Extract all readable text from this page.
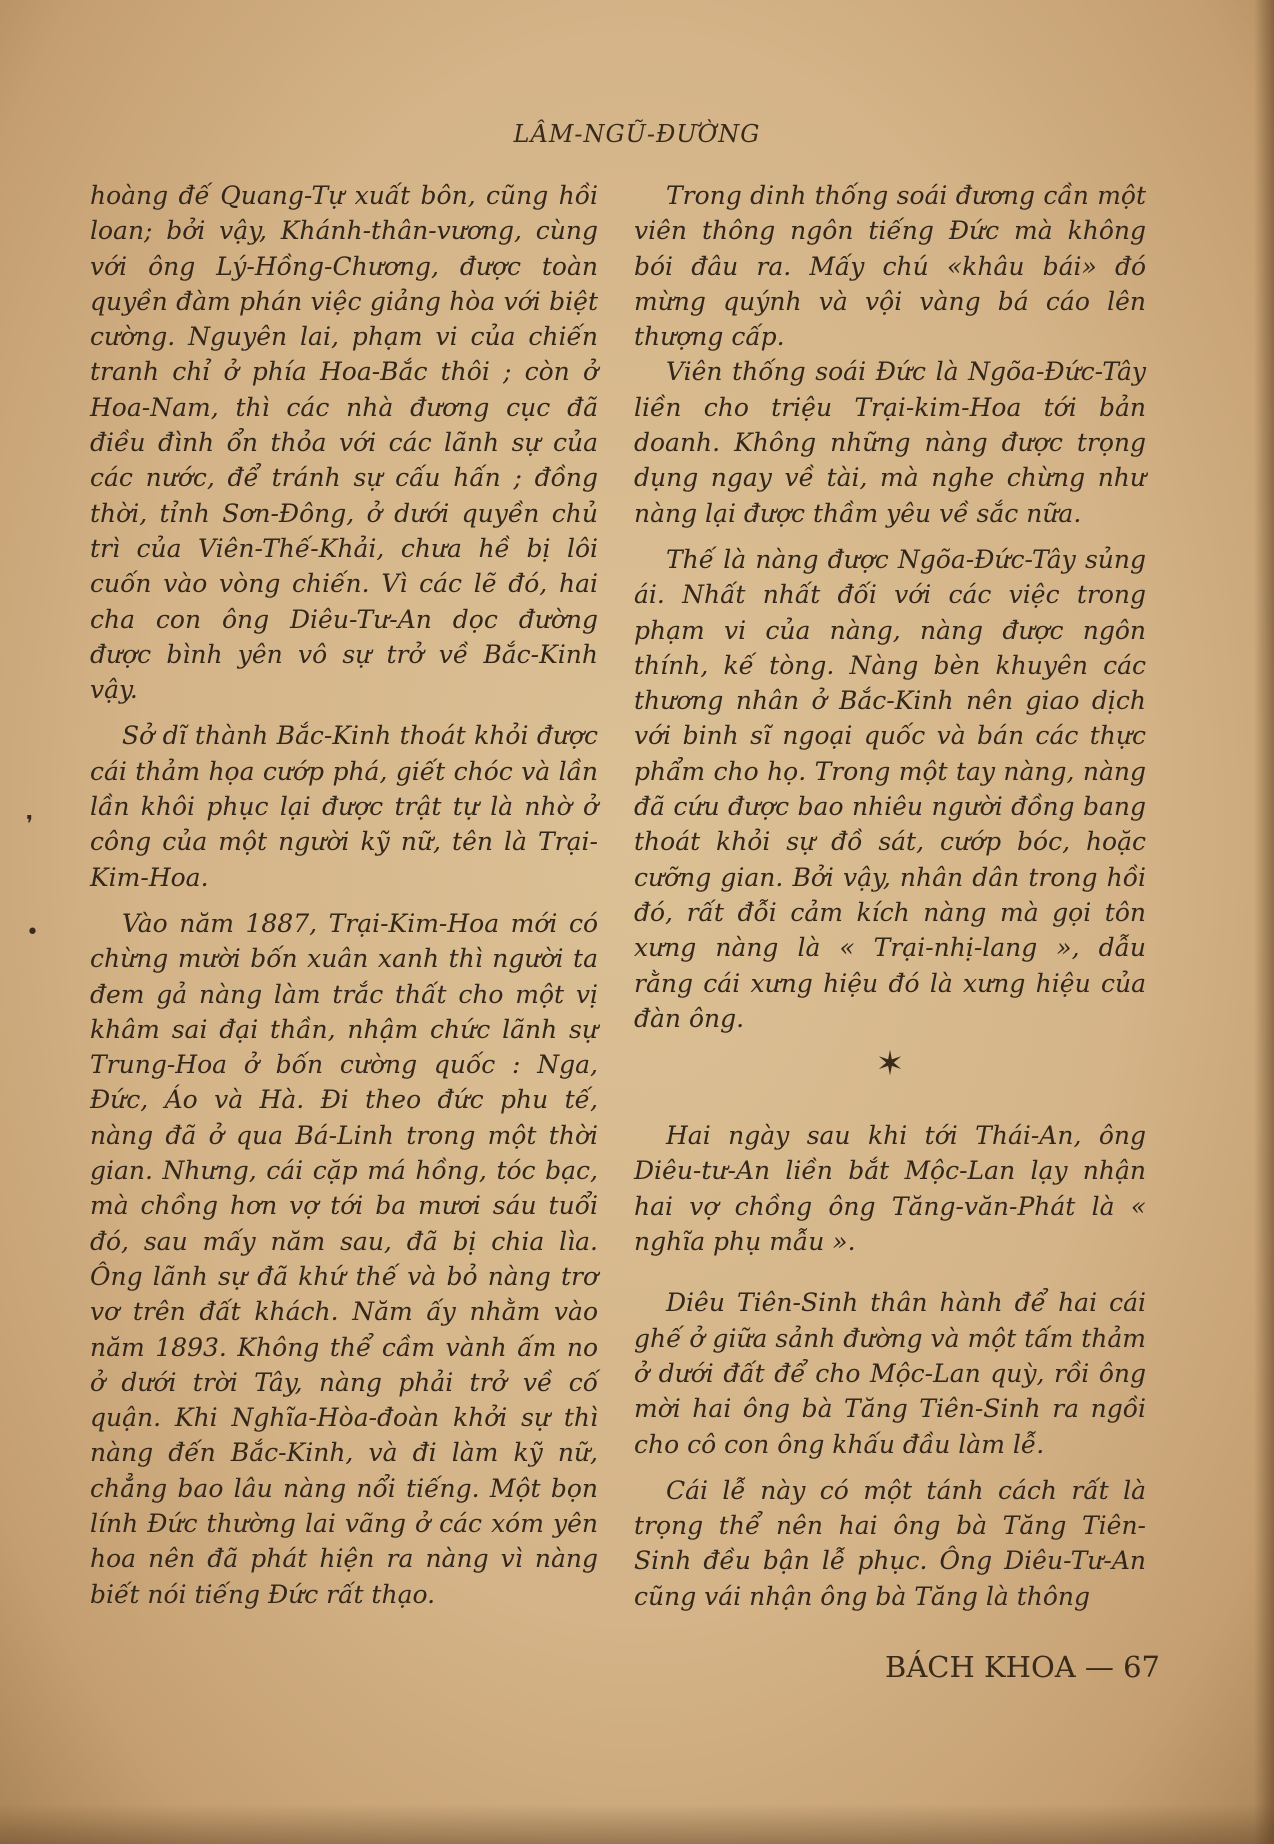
❜
•
LÂM-NGŨ-ĐƯỜNG

hoàng đế Quang-Tự xuất bôn, cũng hồi loan; bởi vậy, Khánh-thân-vương, cùng với ông Lý-Hồng-Chương, được toàn quyền đàm phán việc giảng hòa với biệt cường. Nguyên lai, phạm vi của chiến tranh chỉ ở phía Hoa-Bắc thôi ; còn ở Hoa-Nam, thì các nhà đương cục đã điều đình ổn thỏa với các lãnh sự của các nước, để tránh sự cấu hấn ; đồng thời, tỉnh Sơn-Đông, ở dưới quyền chủ trì của Viên-Thế-Khải, chưa hề bị lôi cuốn vào vòng chiến. Vì các lẽ đó, hai cha con ông Diêu-Tư-An dọc đường được bình yên vô sự trở về Bắc-Kinh vậy.

Sở dĩ thành Bắc-Kinh thoát khỏi được cái thảm họa cướp phá, giết chóc và lần lần khôi phục lại được trật tự là nhờ ở công của một người kỹ nữ, tên là Trại-Kim-Hoa.

Vào năm 1887, Trại-Kim-Hoa mới có chừng mười bốn xuân xanh thì người ta đem gả nàng làm trắc thất cho một vị khâm sai đại thần, nhậm chức lãnh sự Trung-Hoa ở bốn cường quốc : Nga, Đức, Áo và Hà. Đi theo đức phu tế, nàng đã ở qua Bá-Linh trong một thời gian. Nhưng, cái cặp má hồng, tóc bạc, mà chồng hơn vợ tới ba mươi sáu tuổi đó, sau mấy năm sau, đã bị chia lìa. Ông lãnh sự đã khứ thế và bỏ nàng trơ vơ trên đất khách. Năm ấy nhằm vào năm 1893. Không thể cầm vành ấm no ở dưới trời Tây, nàng phải trở về cố quận. Khi Nghĩa-Hòa-đoàn khởi sự thì nàng đến Bắc-Kinh, và đi làm kỹ nữ, chẳng bao lâu nàng nổi tiếng. Một bọn lính Đức thường lai vãng ở các xóm yên hoa nên đã phát hiện ra nàng vì nàng biết nói tiếng Đức rất thạo.

Trong dinh thống soái đương cần một viên thông ngôn tiếng Đức mà không bói đâu ra. Mấy chú «khâu bái» đó mừng quýnh và vội vàng bá cáo lên thượng cấp.

Viên thống soái Đức là Ngõa-Đức-Tây liền cho triệu Trại-kim-Hoa tới bản doanh. Không những nàng được trọng dụng ngay về tài, mà nghe chừng như nàng lại được thầm yêu về sắc nữa.

Thế là nàng được Ngõa-Đức-Tây sủng ái. Nhất nhất đối với các việc trong phạm vi của nàng, nàng được ngôn thính, kế tòng. Nàng bèn khuyên các thương nhân ở Bắc-Kinh nên giao dịch với binh sĩ ngoại quốc và bán các thực phẩm cho họ. Trong một tay nàng, nàng đã cứu được bao nhiêu người đồng bang thoát khỏi sự đồ sát, cướp bóc, hoặc cưỡng gian. Bởi vậy, nhân dân trong hồi đó, rất đỗi cảm kích nàng mà gọi tôn xưng nàng là « Trại-nhị-lang », dẫu rằng cái xưng hiệu đó là xưng hiệu của đàn ông.

✶

Hai ngày sau khi tới Thái-An, ông Diêu-tư-An liền bắt Mộc-Lan lạy nhận hai vợ chồng ông Tăng-văn-Phát là « nghĩa phụ mẫu ».

Diêu Tiên-Sinh thân hành để hai cái ghế ở giữa sảnh đường và một tấm thảm ở dưới đất để cho Mộc-Lan quỳ, rồi ông mời hai ông bà Tăng Tiên-Sinh ra ngồi cho cô con ông khấu đầu làm lễ.

Cái lễ này có một tánh cách rất là trọng thể nên hai ông bà Tăng Tiên-Sinh đều bận lễ phục. Ông Diêu-Tư-An cũng vái nhận ông bà Tăng là thông

BÁCH KHOA — 67
